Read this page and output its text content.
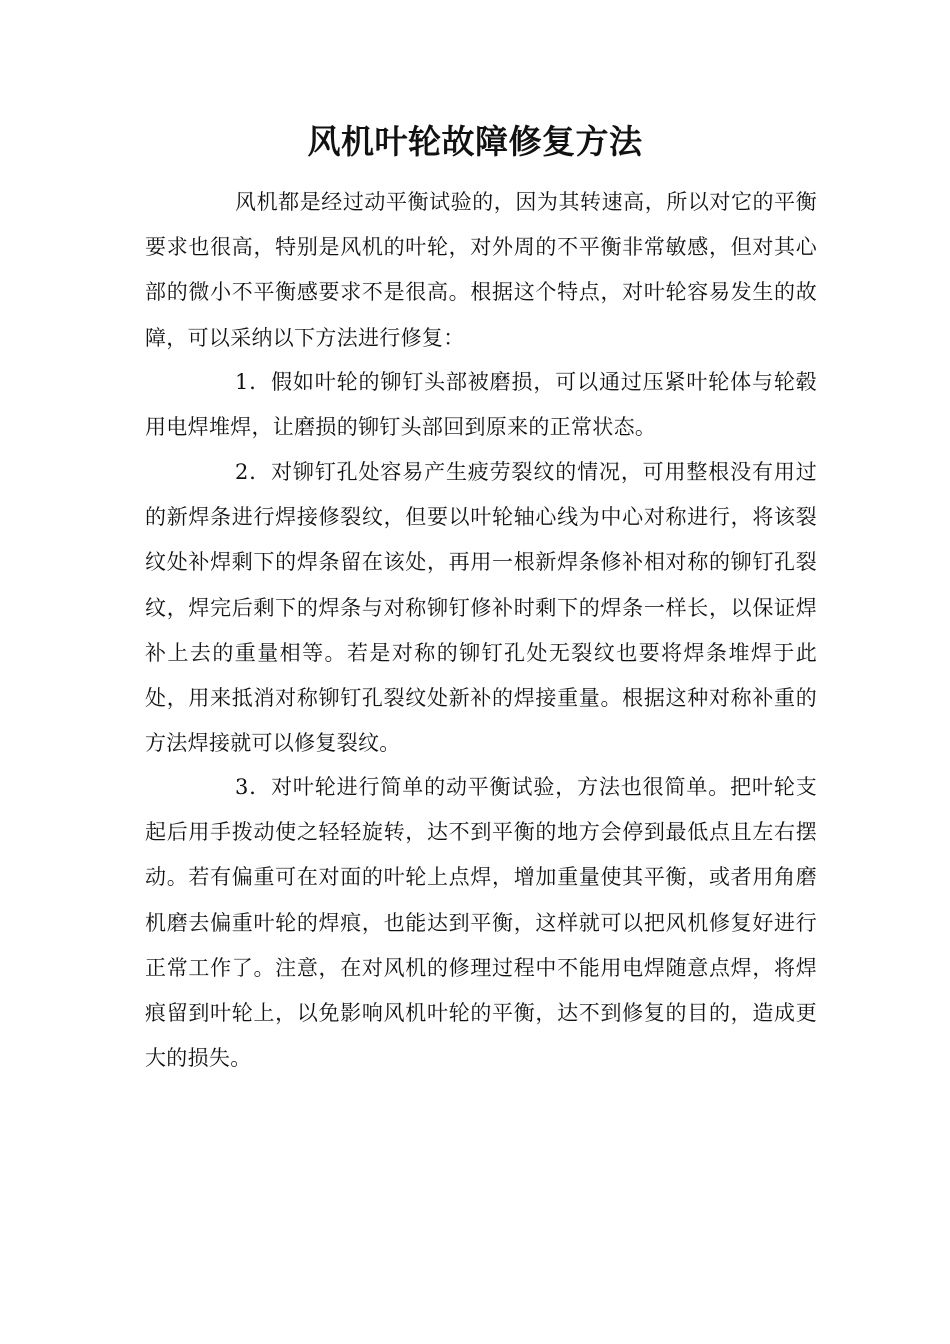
风机叶轮故障修复方法

风机都是经过动平衡试验的，因为其转速高，所以对它的平衡要求也很高，特别是风机的叶轮，对外周的不平衡非常敏感，但对其心部的微小不平衡感要求不是很高。根据这个特点，对叶轮容易发生的故障，可以采纳以下方法进行修复：

1．假如叶轮的铆钉头部被磨损，可以通过压紧叶轮体与轮毂用电焊堆焊，让磨损的铆钉头部回到原来的正常状态。

2．对铆钉孔处容易产生疲劳裂纹的情况，可用整根没有用过的新焊条进行焊接修裂纹，但要以叶轮轴心线为中心对称进行，将该裂纹处补焊剩下的焊条留在该处，再用一根新焊条修补相对称的铆钉孔裂纹，焊完后剩下的焊条与对称铆钉修补时剩下的焊条一样长，以保证焊补上去的重量相等。若是对称的铆钉孔处无裂纹也要将焊条堆焊于此处，用来抵消对称铆钉孔裂纹处新补的焊接重量。根据这种对称补重的方法焊接就可以修复裂纹。

3．对叶轮进行简单的动平衡试验，方法也很简单。把叶轮支起后用手拨动使之轻轻旋转，达不到平衡的地方会停到最低点且左右摆动。若有偏重可在对面的叶轮上点焊，增加重量使其平衡，或者用角磨机磨去偏重叶轮的焊痕，也能达到平衡，这样就可以把风机修复好进行正常工作了。注意，在对风机的修理过程中不能用电焊随意点焊，将焊痕留到叶轮上，以免影响风机叶轮的平衡，达不到修复的目的，造成更大的损失。
